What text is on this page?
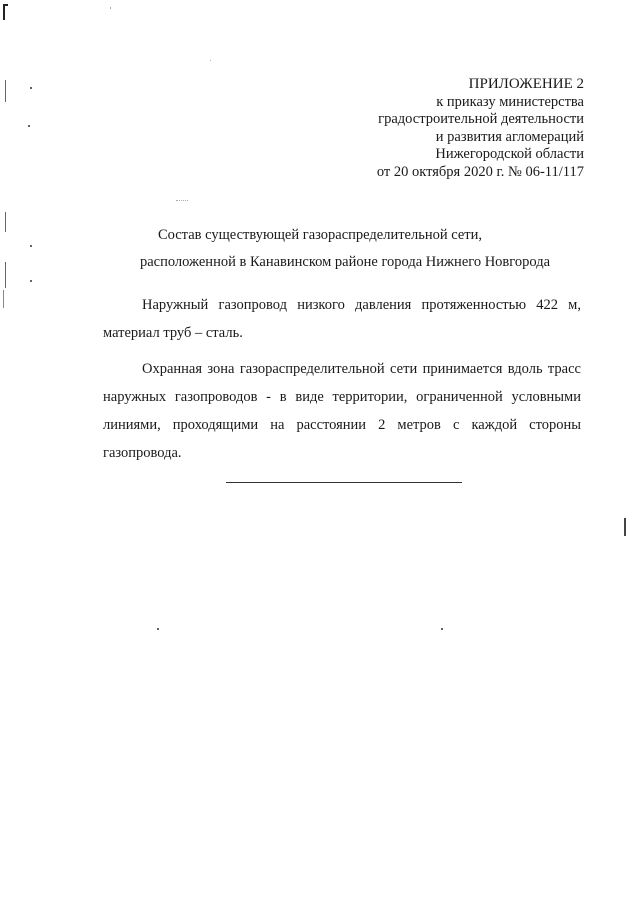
ПРИЛОЖЕНИЕ 2
к приказу министерства
градостроительной деятельности
и развития агломераций
Нижегородской области
от 20 октября 2020 г. № 06-11/117
Состав существующей газораспределительной сети,
расположенной в Канавинском районе города Нижнего Новгорода

Наружный газопровод низкого давления протяженностью 422 м, материал труб – сталь.

Охранная зона газораспределительной сети принимается вдоль трасс наружных газопроводов - в виде территории, ограниченной условными линиями, проходящими на расстоянии 2 метров с каждой стороны газопровода.
